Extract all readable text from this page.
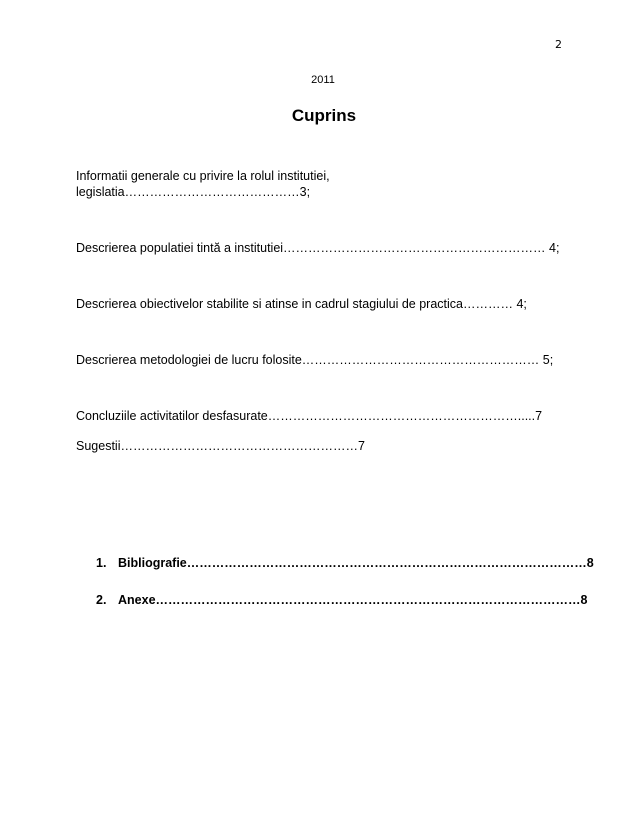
2
2011
Cuprins
Informatii generale cu privire la rolul institutiei,
legislatia……………………………………3;
Descrierea populatiei tintă a institutiei……………………………………………………… 4;
Descrierea obiectivelor stabilite si atinse in cadrul stagiului de practica………… 4;
Descrierea metodologiei de lucru folosite………………………………………………… 5;
Concluziile activitatilor desfasurate…………………………………………………….....7
Sugestii…………………………………………………7
1. Bibliografie……………………………………………………………………………………8
2. Anexe…………………………………………………………………………………………8
